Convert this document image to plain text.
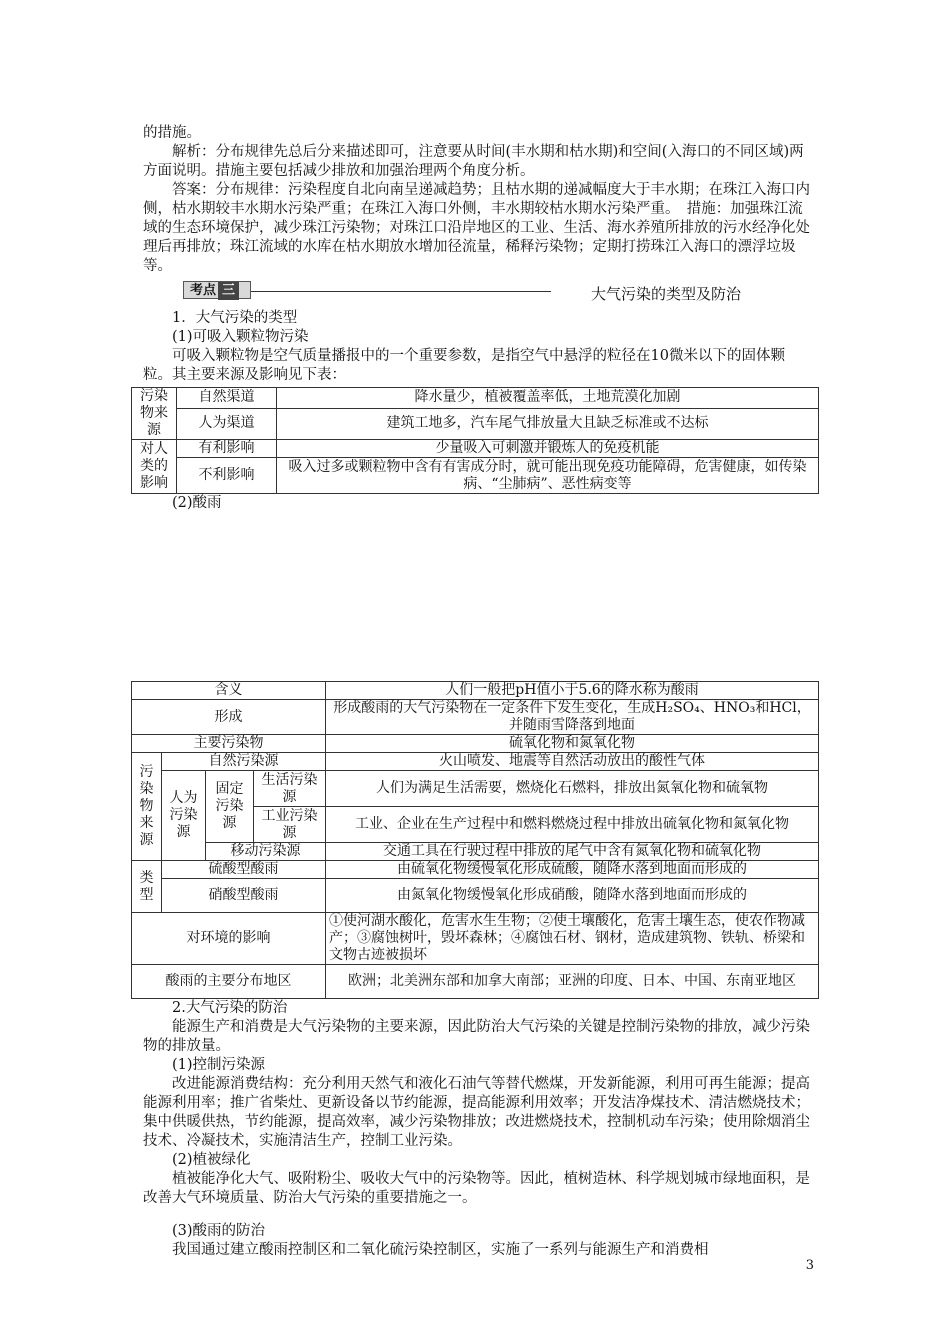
的措施。

解析：分布规律先总后分来描述即可，注意要从时间(丰水期和枯水期)和空间(入海口的不同区域)两方面说明。措施主要包括减少排放和加强治理两个角度分析。

答案：分布规律：污染程度自北向南呈递减趋势；且枯水期的递减幅度大于丰水期；在珠江入海口内侧，枯水期较丰水期水污染严重；在珠江入海口外侧，丰水期较枯水期水污染严重。　措施：加强珠江流域的生态环境保护，减少珠江污染物；对珠江口沿岸地区的工业、生活、海水养殖所排放的污水经净化处理后再排放；珠江流域的水库在枯水期放水增加径流量，稀释污染物；定期打捞珠江入海口的漂浮垃圾等。

考点 三	大气污染的类型及防治

1．大气污染的类型

(1)可吸入颗粒物污染

可吸入颗粒物是空气质量播报中的一个重要参数，是指空气中悬浮的粒径在10微米以下的固体颗粒。其主要来源及影响见下表：

污染物来源	自然渠道	降水量少，植被覆盖率低，土地荒漠化加剧
	人为渠道	建筑工地多，汽车尾气排放量大且缺乏标准或不达标
对人类的影响	有利影响	少量吸入可刺激并锻炼人的免疫机能
	不利影响	吸入过多或颗粒物中含有有害成分时，就可能出现免疫功能障碍，危害健康，如传染病、“尘肺病”、恶性病变等

(2)酸雨

含义				人们一般把pH值小于5.6的降水称为酸雨
形成				形成酸雨的大气污染物在一定条件下发生变化，生成H₂SO₄、HNO₃和HCl，并随雨雪降落到地面
主要污染物				硫氧化物和氮氧化物
污染物来源	自然污染源			火山喷发、地震等自然活动放出的酸性气体
	人为污染源	固定污染源	生活污染源	人们为满足生活需要，燃烧化石燃料，排放出氮氧化物和硫氧物
			工业污染源	工业、企业在生产过程中和燃料燃烧过程中排放出硫氧化物和氮氧化物
		移动污染源		交通工具在行驶过程中排放的尾气中含有氮氧化物和硫氧化物

类型	硫酸型酸雨			由硫氧化物缓慢氧化形成硫酸，随降水落到地面而形成的
	硝酸型酸雨			由氮氧化物缓慢氧化形成硝酸，随降水落到地面而形成的
对环境的影响				①使河湖水酸化，危害水生生物；②使土壤酸化，危害土壤生态，使农作物减产；③腐蚀树叶，毁坏森林；④腐蚀石材、钢材，造成建筑物、铁轨、桥梁和文物古迹被损坏
酸雨的主要分布地区				欧洲；北美洲东部和加拿大南部；亚洲的印度、日本、中国、东南亚地区

2.大气污染的防治

能源生产和消费是大气污染物的主要来源，因此防治大气污染的关键是控制污染物的排放，减少污染物的排放量。

(1)控制污染源

改进能源消费结构：充分利用天然气和液化石油气等替代燃煤，开发新能源，利用可再生能源；提高能源利用率；推广省柴灶、更新设备以节约能源，提高能源利用效率；开发洁净煤技术、清洁燃烧技术；集中供暖供热，节约能源，提高效率，减少污染物排放；改进燃烧技术，控制机动车污染；使用除烟消尘技术、冷凝技术，实施清洁生产，控制工业污染。

(2)植被绿化

植被能净化大气、吸附粉尘、吸收大气中的污染物等。因此，植树造林、科学规划城市绿地面积，是改善大气环境质量、防治大气污染的重要措施之一。

(3)酸雨的防治

我国通过建立酸雨控制区和二氧化硫污染控制区，实施了一系列与能源生产和消费相

3
